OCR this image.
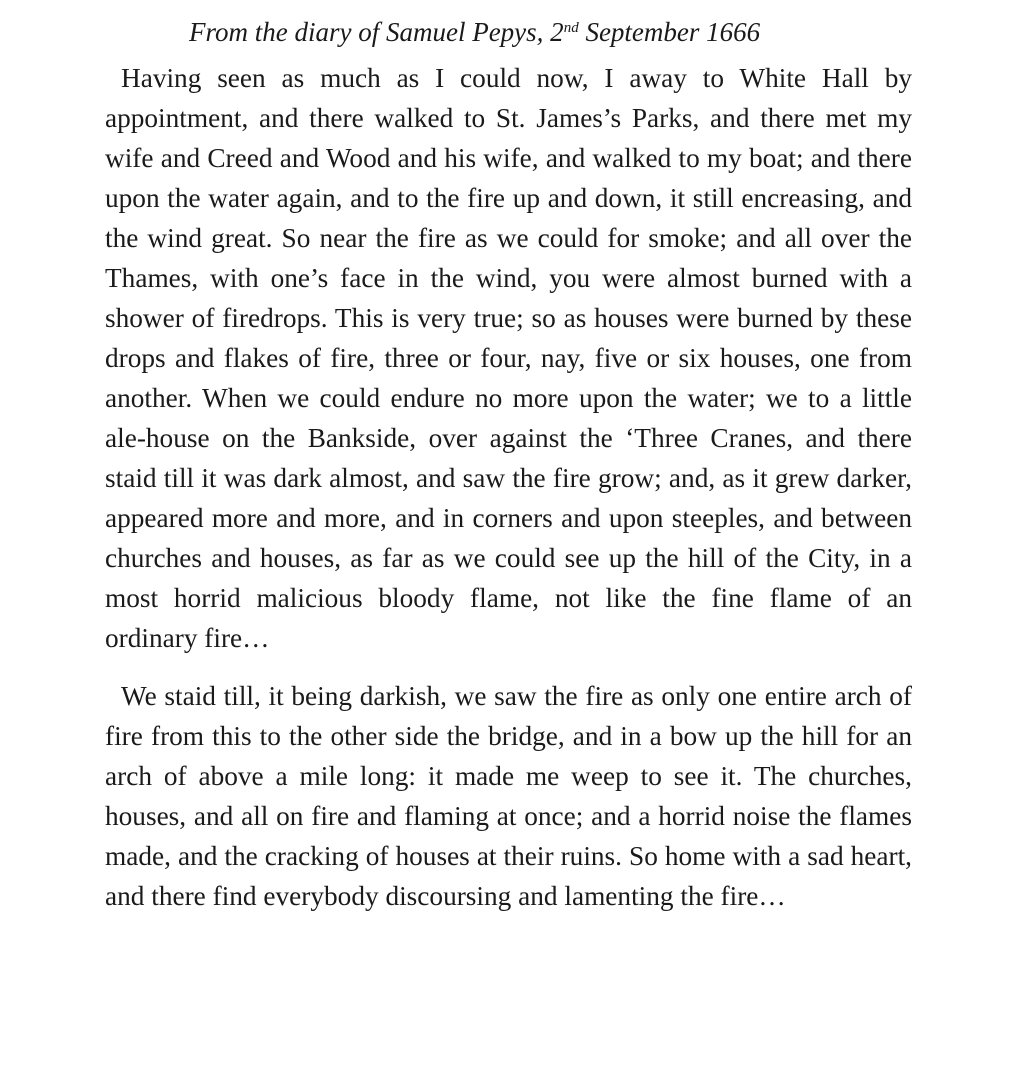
From the diary of Samuel Pepys, 2nd September 1666

Having seen as much as I could now, I away to White Hall by appointment, and there walked to St. James’s Parks, and there met my wife and Creed and Wood and his wife, and walked to my boat; and there upon the water again, and to the fire up and down, it still encreasing, and the wind great. So near the fire as we could for smoke; and all over the Thames, with one’s face in the wind, you were almost burned with a shower of firedrops. This is very true; so as houses were burned by these drops and flakes of fire, three or four, nay, five or six houses, one from another. When we could endure no more upon the water; we to a little ale-house on the Bankside, over against the ‘Three Cranes, and there staid till it was dark almost, and saw the fire grow; and, as it grew darker, appeared more and more, and in corners and upon steeples, and between churches and houses, as far as we could see up the hill of the City, in a most horrid malicious bloody flame, not like the fine flame of an ordinary fire…

We staid till, it being darkish, we saw the fire as only one entire arch of fire from this to the other side the bridge, and in a bow up the hill for an arch of above a mile long: it made me weep to see it. The churches, houses, and all on fire and flaming at once; and a horrid noise the flames made, and the cracking of houses at their ruins. So home with a sad heart, and there find everybody discoursing and lamenting the fire…
